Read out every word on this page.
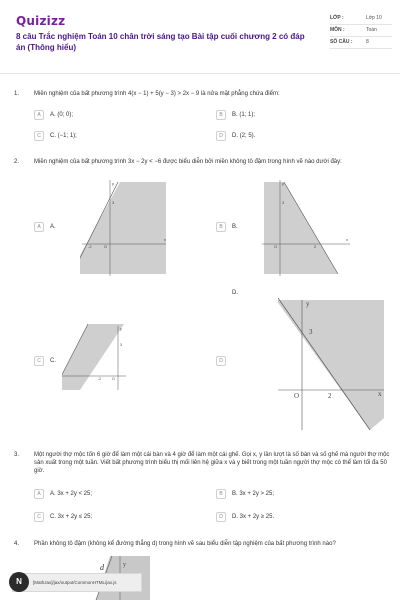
Quizizz
8 câu Trắc nghiệm Toán 10 chân trời sáng tạo Bài tập cuối chương 2 có đáp án (Thông hiểu)
LỚP :	Lớp 10
MÔN :	Toán
SỐ CÂU :	8
1.	Miền nghiệm của bất phương trình 4(x − 1) + 5(y − 3) > 2x − 9 là nửa mặt phẳng chứa điểm:
A	A. (0; 0);	B	B. (1; 1);
C	C. (−1; 1);	D	D. (2; 5).
2.	Miền nghiệm của bất phương trình 3x − 2y < −6 được biểu diễn bởi miền không tô đậm trong hình vẽ nào dưới đây:
x
y
O
-2
3
A	A.
x
y
O	2
3
B	B.
D.
y
-2	O
3
C	C.
y
x
O	2
3
D
3.	Một người thợ mộc tốn 6 giờ để làm một cái bàn và 4 giờ để làm một cái ghế. Gọi x, y lần lượt là số bàn và số ghế mà người thợ mộc sản xuất trong một tuần. Viết bất phương trình biểu thị mối liên hệ giữa x và y biết trong một tuần người thợ mộc có thể làm tối đa 50 giờ.
A	A. 3x + 2y < 25;	B	B. 3x + 2y > 25;
C	C. 3x + 2y ≤ 25;	D	D. 3x + 2y ≥ 25.
4.	Phần không tô đậm (không kể đường thẳng d) trong hình vẽ sau biểu diễn tập nghiệm của bất phương trình nào?
d	y
[MathJax]/jax/output/CommonHTML/jax.js
N
